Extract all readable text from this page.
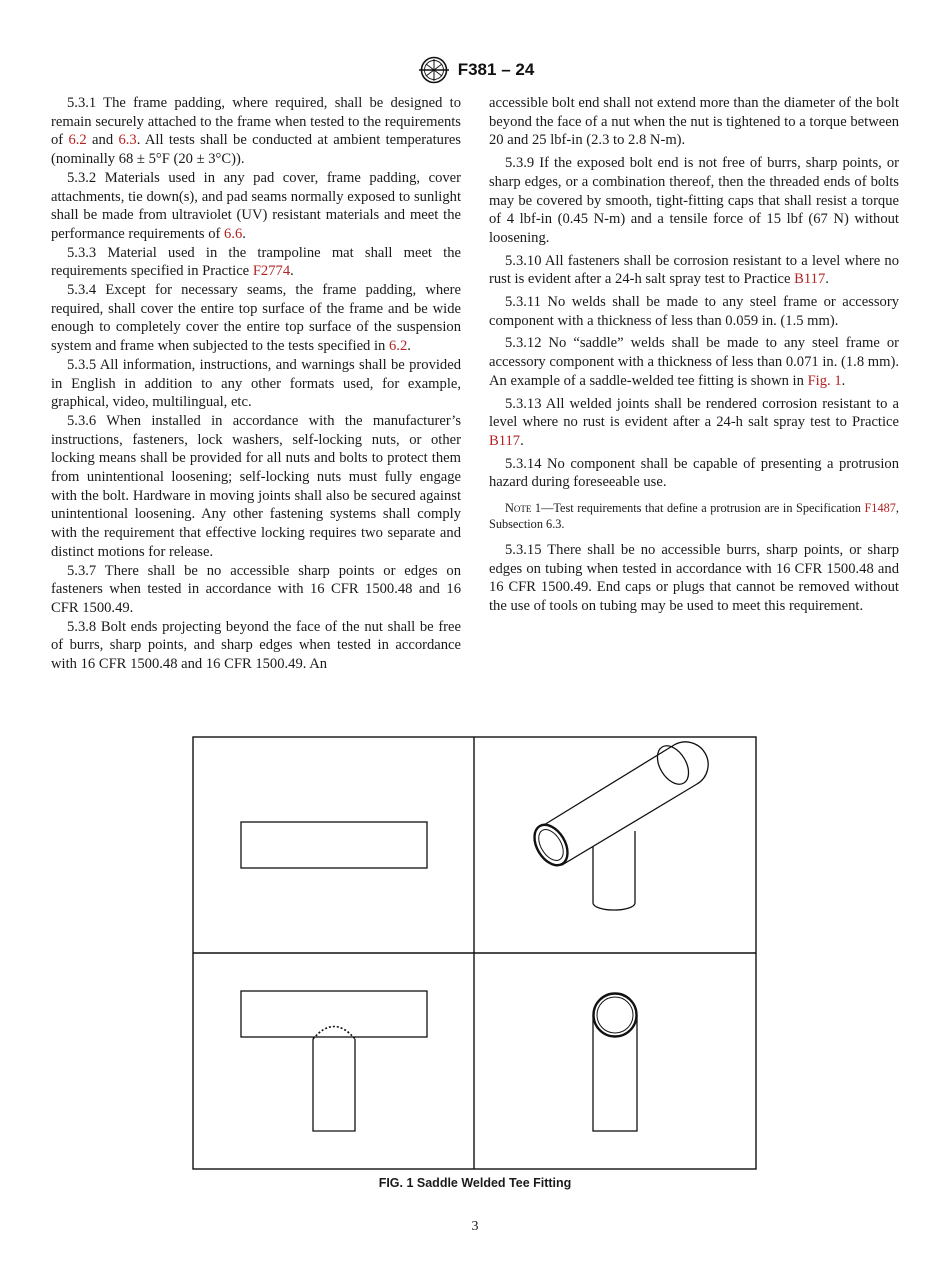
F381 – 24

5.3.1 The frame padding, where required, shall be designed to remain securely attached to the frame when tested to the requirements of 6.2 and 6.3. All tests shall be conducted at ambient temperatures (nominally 68 ± 5°F (20 ± 3°C)).

5.3.2 Materials used in any pad cover, frame padding, cover attachments, tie down(s), and pad seams normally exposed to sunlight shall be made from ultraviolet (UV) resistant materials and meet the performance requirements of 6.6.

5.3.3 Material used in the trampoline mat shall meet the requirements specified in Practice F2774.

5.3.4 Except for necessary seams, the frame padding, where required, shall cover the entire top surface of the frame and be wide enough to completely cover the entire top surface of the suspension system and frame when subjected to the tests specified in 6.2.

5.3.5 All information, instructions, and warnings shall be provided in English in addition to any other formats used, for example, graphical, video, multilingual, etc.

5.3.6 When installed in accordance with the manufacturer’s instructions, fasteners, lock washers, self-locking nuts, or other locking means shall be provided for all nuts and bolts to protect them from unintentional loosening; self-locking nuts must fully engage with the bolt. Hardware in moving joints shall also be secured against unintentional loosening. Any other fastening systems shall comply with the requirement that effective locking requires two separate and distinct motions for release.

5.3.7 There shall be no accessible sharp points or edges on fasteners when tested in accordance with 16 CFR 1500.48 and 16 CFR 1500.49.

5.3.8 Bolt ends projecting beyond the face of the nut shall be free of burrs, sharp points, and sharp edges when tested in accordance with 16 CFR 1500.48 and 16 CFR 1500.49. An

accessible bolt end shall not extend more than the diameter of the bolt beyond the face of a nut when the nut is tightened to a torque between 20 and 25 lbf-in (2.3 to 2.8 N-m).

5.3.9 If the exposed bolt end is not free of burrs, sharp points, or sharp edges, or a combination thereof, then the threaded ends of bolts may be covered by smooth, tight-fitting caps that shall resist a torque of 4 lbf-in (0.45 N-m) and a tensile force of 15 lbf (67 N) without loosening.

5.3.10 All fasteners shall be corrosion resistant to a level where no rust is evident after a 24-h salt spray test to Practice B117.

5.3.11 No welds shall be made to any steel frame or accessory component with a thickness of less than 0.059 in. (1.5 mm).

5.3.12 No “saddle” welds shall be made to any steel frame or accessory component with a thickness of less than 0.071 in. (1.8 mm). An example of a saddle-welded tee fitting is shown in Fig. 1.

5.3.13 All welded joints shall be rendered corrosion resistant to a level where no rust is evident after a 24-h salt spray test to Practice B117.

5.3.14 No component shall be capable of presenting a protrusion hazard during foreseeable use.

Note 1—Test requirements that define a protrusion are in Specification F1487, Subsection 6.3.

5.3.15 There shall be no accessible burrs, sharp points, or sharp edges on tubing when tested in accordance with 16 CFR 1500.48 and 16 CFR 1500.49. End caps or plugs that cannot be removed without the use of tools on tubing may be used to meet this requirement.

FIG. 1 Saddle Welded Tee Fitting
3
